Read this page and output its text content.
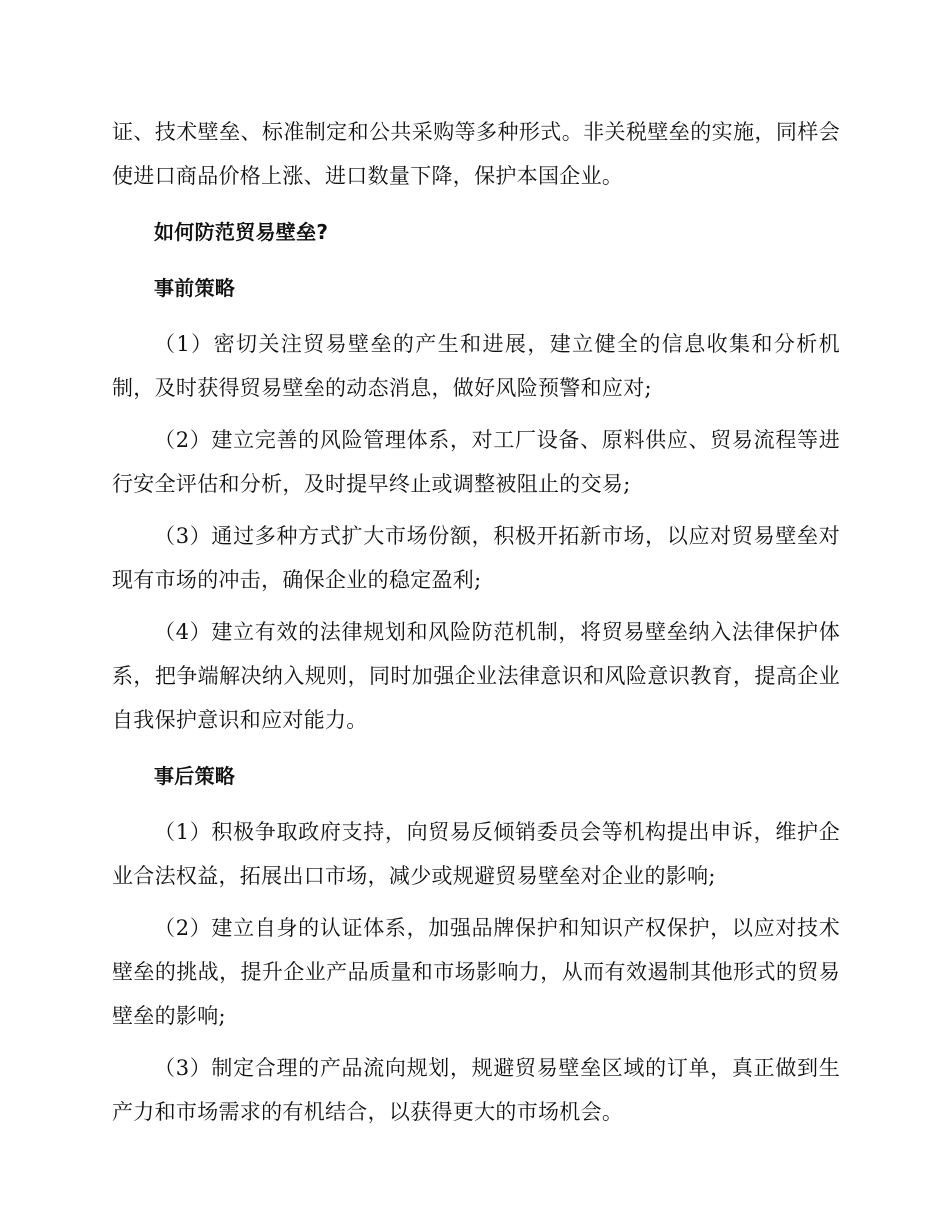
证、技术壁垒、标准制定和公共采购等多种形式。非关税壁垒的实施，同样会使进口商品价格上涨、进口数量下降，保护本国企业。

如何防范贸易壁垒?

事前策略

（1）密切关注贸易壁垒的产生和进展，建立健全的信息收集和分析机制，及时获得贸易壁垒的动态消息，做好风险预警和应对;

（2）建立完善的风险管理体系，对工厂设备、原料供应、贸易流程等进行安全评估和分析，及时提早终止或调整被阻止的交易;

（3）通过多种方式扩大市场份额，积极开拓新市场，以应对贸易壁垒对现有市场的冲击，确保企业的稳定盈利;

（4）建立有效的法律规划和风险防范机制，将贸易壁垒纳入法律保护体系，把争端解决纳入规则，同时加强企业法律意识和风险意识教育，提高企业自我保护意识和应对能力。

事后策略

（1）积极争取政府支持，向贸易反倾销委员会等机构提出申诉，维护企业合法权益，拓展出口市场，减少或规避贸易壁垒对企业的影响;

（2）建立自身的认证体系，加强品牌保护和知识产权保护，以应对技术壁垒的挑战，提升企业产品质量和市场影响力，从而有效遏制其他形式的贸易壁垒的影响;

（3）制定合理的产品流向规划，规避贸易壁垒区域的订单，真正做到生产力和市场需求的有机结合，以获得更大的市场机会。
